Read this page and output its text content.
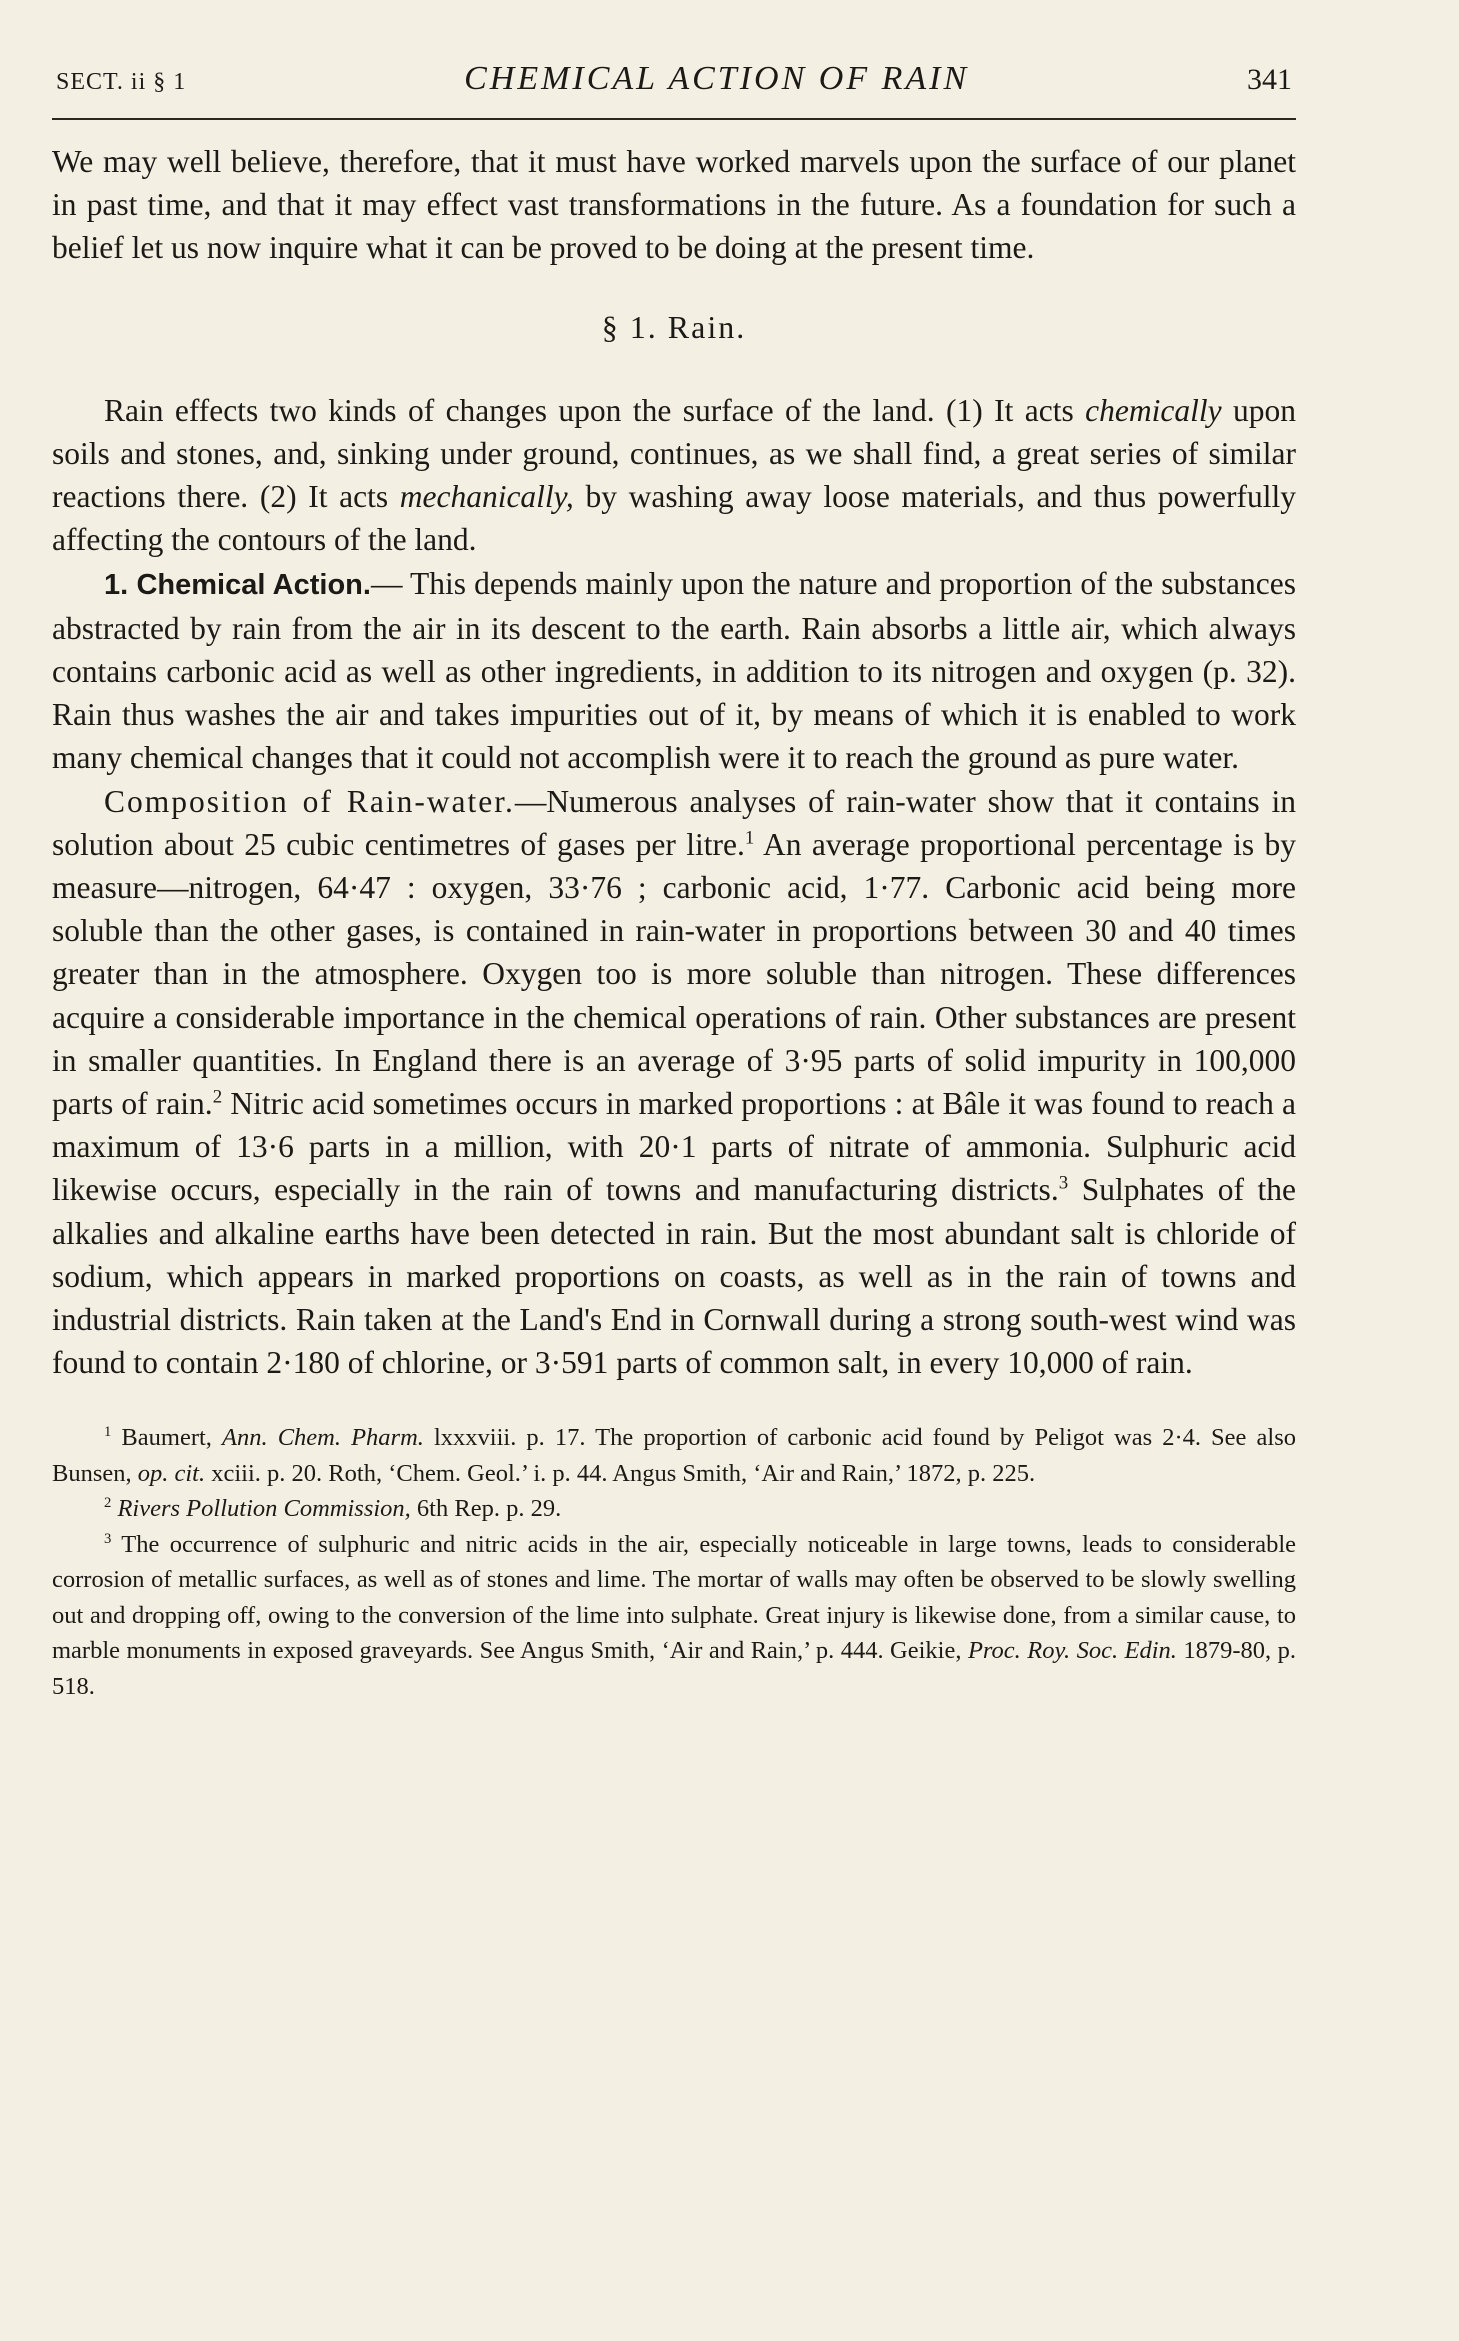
SECT. ii § 1	CHEMICAL ACTION OF RAIN	341

We may well believe, therefore, that it must have worked marvels upon the surface of our planet in past time, and that it may effect vast transformations in the future. As a foundation for such a belief let us now inquire what it can be proved to be doing at the present time.

§ 1. Rain.

Rain effects two kinds of changes upon the surface of the land. (1) It acts chemically upon soils and stones, and, sinking under ground, continues, as we shall find, a great series of similar reactions there. (2) It acts mechanically, by washing away loose materials, and thus powerfully affecting the contours of the land.

1. Chemical Action.— This depends mainly upon the nature and proportion of the substances abstracted by rain from the air in its descent to the earth. Rain absorbs a little air, which always contains carbonic acid as well as other ingredients, in addition to its nitrogen and oxygen (p. 32). Rain thus washes the air and takes impurities out of it, by means of which it is enabled to work many chemical changes that it could not accomplish were it to reach the ground as pure water.

Composition of Rain-water.—Numerous analyses of rain-water show that it contains in solution about 25 cubic centimetres of gases per litre.$^1$ An average proportional percentage is by measure—nitrogen, 64·47 : oxygen, 33·76 ; carbonic acid, 1·77. Carbonic acid being more soluble than the other gases, is contained in rain-water in proportions between 30 and 40 times greater than in the atmosphere. Oxygen too is more soluble than nitrogen. These differences acquire a considerable importance in the chemical operations of rain. Other substances are present in smaller quantities. In England there is an average of 3·95 parts of solid impurity in 100,000 parts of rain.$^2$ Nitric acid sometimes occurs in marked proportions : at Bâle it was found to reach a maximum of 13·6 parts in a million, with 20·1 parts of nitrate of ammonia. Sulphuric acid likewise occurs, especially in the rain of towns and manufacturing districts.$^3$ Sulphates of the alkalies and alkaline earths have been detected in rain. But the most abundant salt is chloride of sodium, which appears in marked proportions on coasts, as well as in the rain of towns and industrial districts. Rain taken at the Land's End in Cornwall during a strong south-west wind was found to contain 2·180 of chlorine, or 3·591 parts of common salt, in every 10,000 of rain.

$^1$ Baumert, Ann. Chem. Pharm. lxxxviii. p. 17. The proportion of carbonic acid found by Peligot was 2·4. See also Bunsen, op. cit. xciii. p. 20. Roth, ‘Chem. Geol.’ i. p. 44. Angus Smith, ‘Air and Rain,’ 1872, p. 225.

$^2$ Rivers Pollution Commission, 6th Rep. p. 29.

$^3$ The occurrence of sulphuric and nitric acids in the air, especially noticeable in large towns, leads to considerable corrosion of metallic surfaces, as well as of stones and lime. The mortar of walls may often be observed to be slowly swelling out and dropping off, owing to the conversion of the lime into sulphate. Great injury is likewise done, from a similar cause, to marble monuments in exposed graveyards. See Angus Smith, ‘Air and Rain,’ p. 444. Geikie, Proc. Roy. Soc. Edin. 1879-80, p. 518.
